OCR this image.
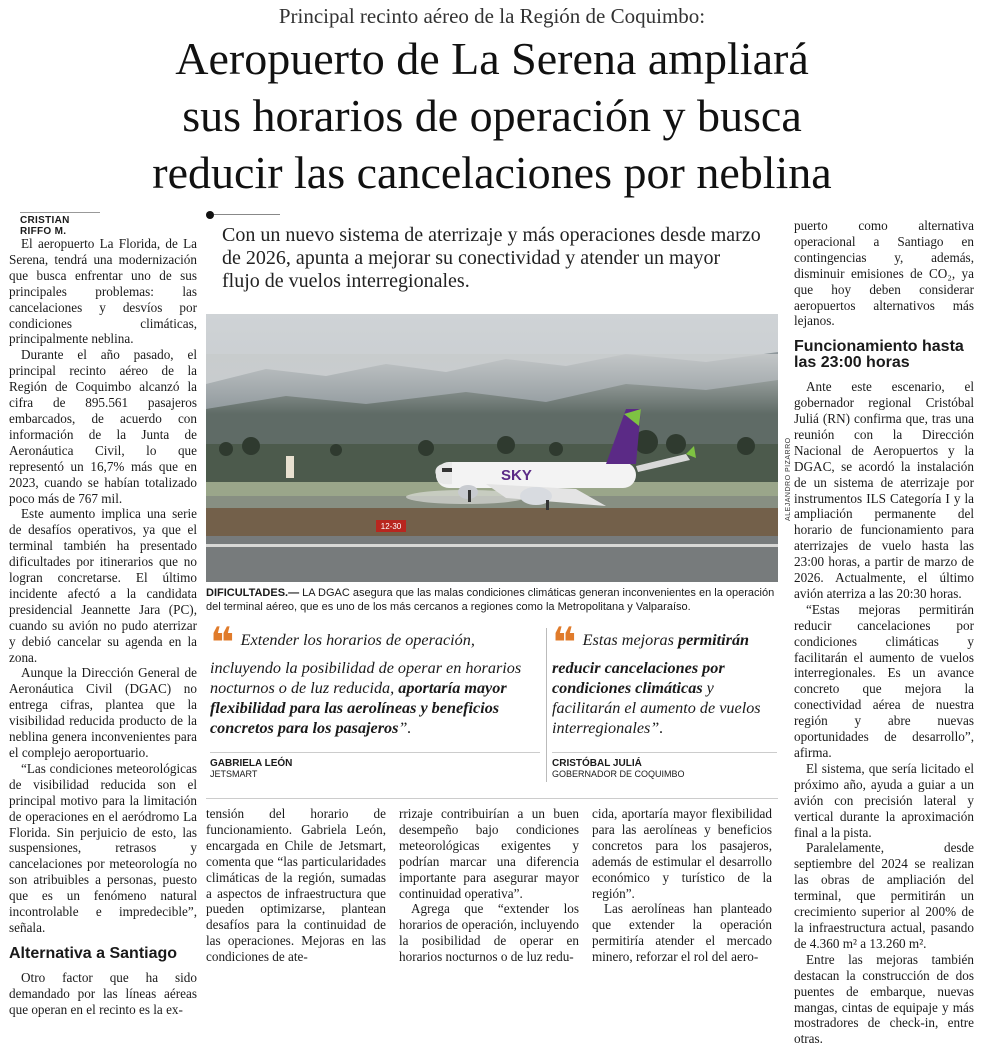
Principal recinto aéreo de la Región de Coquimbo:
Aeropuerto de La Serena ampliará
sus horarios de operación y busca
reducir las cancelaciones por neblina
CRISTIAN RIFFO M.	Con un nuevo sistema de aterrizaje y más operaciones desde marzo de 2026, apunta a mejorar su conectividad y atender un mayor flujo de vuelos interregionales.

El aeropuerto La Florida, de La Serena, tendrá una modernización que busca enfrentar uno de sus principales problemas: las cancelaciones y desvíos por condiciones climáticas, principalmente neblina.

Durante el año pasado, el principal recinto aéreo de la Región de Coquimbo alcanzó la cifra de 895.561 pasajeros embarcados, de acuerdo con información de la Junta de Aeronáutica Civil, lo que representó un 16,7% más que en 2023, cuando se habían totalizado poco más de 767 mil.

Este aumento implica una serie de desafíos operativos, ya que el terminal también ha presentado dificultades por itinerarios que no logran concretarse. El último incidente afectó a la candidata presidencial Jeannette Jara (PC), cuando su avión no pudo aterrizar y debió cancelar su agenda en la zona.

Aunque la Dirección General de Aeronáutica Civil (DGAC) no entrega cifras, plantea que la visibilidad reducida producto de la neblina genera inconvenientes para el complejo aeroportuario.

“Las condiciones meteorológicas de visibilidad reducida son el principal motivo para la limitación de operaciones en el aeródromo La Florida. Sin perjuicio de esto, las suspensiones, retrasos y cancelaciones por meteorología no son atribuibles a personas, puesto que es un fenómeno natural incontrolable e impredecible”, señala.

Alternativa a Santiago

Otro factor que ha sido demandado por las líneas aéreas que operan en el recinto es la ex-

12-30
SKY	ALEJANDRO PIZARRO
DIFICULTADES.— LA DGAC asegura que las malas condiciones climáticas generan inconvenientes en la operación del terminal aéreo, que es uno de los más cercanos a regiones como la Metropolitana y Valparaíso.
❝ Extender los horarios de operación, incluyendo la posibilidad de operar en horarios nocturnos o de luz reducida, aportaría mayor flexibilidad para las aerolíneas y beneficios concretos para los pasajeros”.
GABRIELA LEÓN
JETSMART
❝ Estas mejoras permitirán reducir cancelaciones por condiciones climáticas y facilitarán el aumento de vuelos interregionales”.
CRISTÓBAL JULIÁ
GOBERNADOR DE COQUIMBO

tensión del horario de funcionamiento. Gabriela León, encargada en Chile de Jetsmart, comenta que “las particularidades climáticas de la región, sumadas a aspectos de infraestructura que pueden optimizarse, plantean desafíos para la continuidad de las operaciones. Mejoras en las condiciones de ate-

rrizaje contribuirían a un buen desempeño bajo condiciones meteorológicas exigentes y podrían marcar una diferencia importante para asegurar mayor continuidad operativa”.

Agrega que “extender los horarios de operación, incluyendo la posibilidad de operar en horarios nocturnos o de luz redu-

cida, aportaría mayor flexibilidad para las aerolíneas y beneficios concretos para los pasajeros, además de estimular el desarrollo económico y turístico de la región”.

Las aerolíneas han planteado que extender la operación permitiría atender el mercado minero, reforzar el rol del aero-

puerto como alternativa operacional a Santiago en contingencias y, además, disminuir emisiones de CO₂, ya que hoy deben considerar aeropuertos alternativos más lejanos.

Funcionamiento hasta las 23:00 horas

Ante este escenario, el gobernador regional Cristóbal Juliá (RN) confirma que, tras una reunión con la Dirección Nacional de Aeropuertos y la DGAC, se acordó la instalación de un sistema de aterrizaje por instrumentos ILS Categoría I y la ampliación permanente del horario de funcionamiento para aterrizajes de vuelo hasta las 23:00 horas, a partir de marzo de 2026. Actualmente, el último avión aterriza a las 20:30 horas.

“Estas mejoras permitirán reducir cancelaciones por condiciones climáticas y facilitarán el aumento de vuelos interregionales. Es un avance concreto que mejora la conectividad aérea de nuestra región y abre nuevas oportunidades de desarrollo”, afirma.

El sistema, que sería licitado el próximo año, ayuda a guiar a un avión con precisión lateral y vertical durante la aproximación final a la pista.

Paralelamente, desde septiembre del 2024 se realizan las obras de ampliación del terminal, que permitirán un crecimiento superior al 200% de la infraestructura actual, pasando de 4.360 m² a 13.260 m².

Entre las mejoras también destacan la construcción de dos puentes de embarque, nuevas mangas, cintas de equipaje y más mostradores de check-in, entre otras.
